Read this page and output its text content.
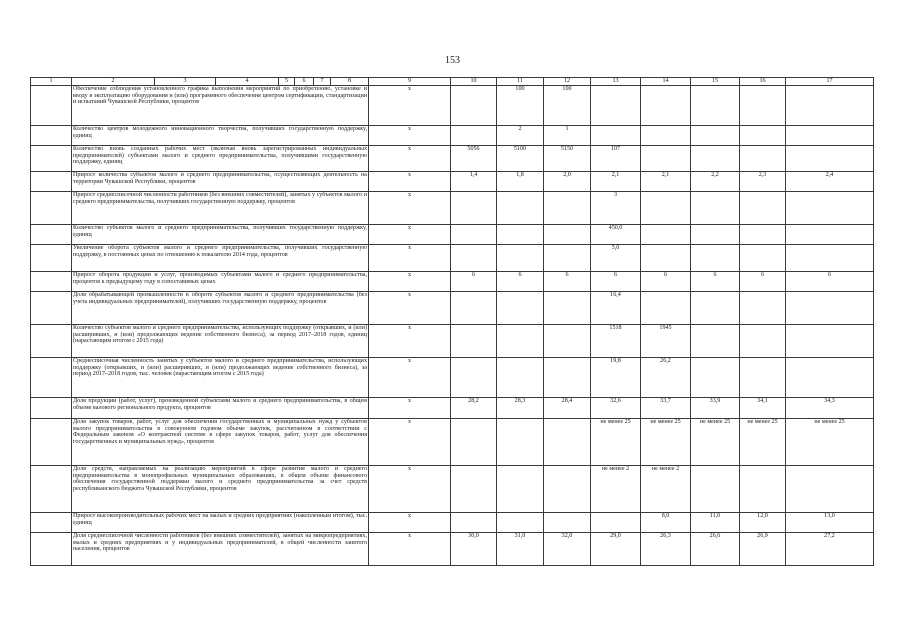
153
1	2	3	4	5	6	7	8	9	10	11	12	13	14	15	16	17
	Обеспечение соблюдения установленного графика выполнения мероприятий по приобретению, установке и вводу в эксплуатацию оборудования и (или) программного обеспечения центром сертификации, стандартизации и испытаний Чувашской Республики, процентов							x		100	100					
	Количество центров молодежного инновационного творчества, получивших государственную поддержку, единиц							x		2	1					
	Количество вновь созданных рабочих мест (включая вновь зарегистрированных индивидуальных предпринимателей) субъектами малого и среднего предпринимательства, получившими государственную поддержку, единиц							x	5056	5100	5150	107				
	Прирост количества субъектов малого и среднего предпринимательства, осуществляющих деятельность на территории Чувашской Республики, процентов							x	1,4	1,8	2,0	2,1	2,1	2,2	2,3	2,4
	Прирост среднесписочной численности работников (без внешних совместителей), занятых у субъектов малого и среднего предпринимательства, получивших государственную поддержку, процентов							x				3				
	Количество субъектов малого и среднего предпринимательства, получивших государственную поддержку, единиц							x				450,0				
	Увеличение оборота субъектов малого и среднего предпринимательства, получивших государственную поддержку, в постоянных ценах по отношению к показателю 2014 года, процентов							x				5,0				
	Прирост оборота продукции и услуг, производимых субъектами малого и среднего предпринимательства, процентов к предыдущему году в сопоставимых ценах							x	6	6	6	6	6	6	6	6
	Доля обрабатывающей промышленности в обороте субъектов малого и среднего предпринимательства (без учета индивидуальных предпринимателей), получивших государственную поддержку, процентов							x				16,4				
	Количество субъектов малого и среднего предпринимательства, использующих поддержку (открывших, и (или) расширивших, и (или) продолжающих ведение собственного бизнеса), за период 2017–2018 годов, единиц (нарастающим итогом с 2015 года)							x				1518	1945			
	Среднесписочная численность занятых у субъектов малого и среднего предпринимательства, использующих поддержку (открывших, и (или) расширивших, и (или) продолжающих ведение собственного бизнеса), за период 2017–2018 годов, тыс. человек (нарастающим итогом с 2015 года)							x				19,8	26,2			
	Доля продукции (работ, услуг), произведенной субъектами малого и среднего предпринимательства, в общем объеме валового регионального продукта, процентов							x	28,2	28,3	28,4	32,6	33,7	33,9	34,1	34,3
	Доля закупок товаров, работ, услуг для обеспечения государственных и муниципальных нужд у субъектов малого предпринимательства в совокупном годовом объеме закупок, рассчитанном в соответствии с Федеральным законом «О контрактной системе в сфере закупок товаров, работ, услуг для обеспечения государственных и муниципальных нужд», процентов							x				не менее 25	не менее 25	не менее 25	не менее 25	не менее 25
	Доля средств, направляемых на реализацию мероприятий в сфере развития малого и среднего предпринимательства в монопрофильных муниципальных образованиях, в общем объеме финансового обеспечения государственной поддержки малого и среднего предпринимательства за счет средств республиканского бюджета Чувашской Республики, процентов							x				не менее 2	не менее 2			
	Прирост высокопроизводительных рабочих мест на малых и средних предприятиях (накопленным итогом), тыс. единиц							x					8,0	11,0	12,0	13,0
	Доля среднесписочной численности работников (без внешних совместителей), занятых на микропредприятиях, малых и средних предприятиях и у индивидуальных предпринимателей, в общей численности занятого населения, процентов							x	30,0	31,0	32,0	29,0	26,3	26,6	26,9	27,2
